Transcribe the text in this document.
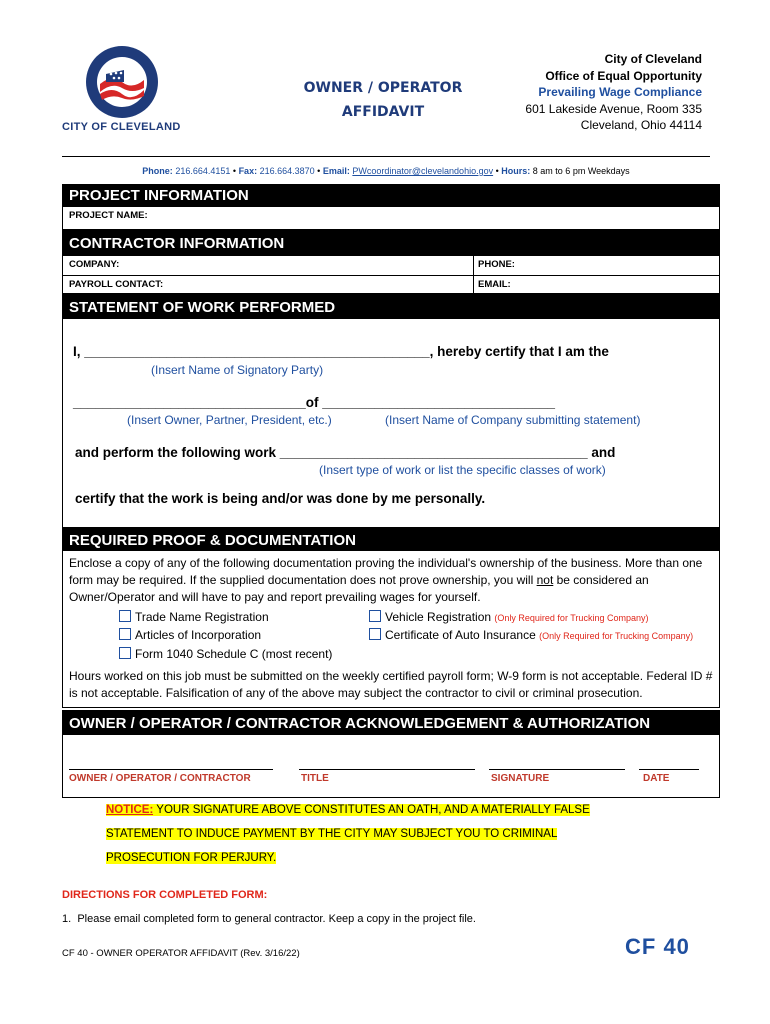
CITY OF CLEVELAND
OWNER / OPERATOR
AFFIDAVIT
City of Cleveland
Office of Equal Opportunity
Prevailing Wage Compliance
601 Lakeside Avenue, Room 335
Cleveland, Ohio 44114
Phone: 216.664.4151 • Fax: 216.664.3870 • Email: PWcoordinator@clevelandohio.gov • Hours: 8 am to 6 pm Weekdays
PROJECT INFORMATION
PROJECT NAME:
CONTRACTOR INFORMATION
COMPANY:	PHONE:
PAYROLL CONTACT:	EMAIL:
STATEMENT OF WORK PERFORMED
I, ______________________________________________, hereby certify that I am the
(Insert Name of Signatory Party)
_______________________________of _______________________________
(Insert Owner, Partner, President, etc.)	(Insert Name of Company submitting statement)
and perform the following work _________________________________________ and
(Insert type of work or list the specific classes of work)
certify that the work is being and/or was done by me personally.
REQUIRED PROOF & DOCUMENTATION
Enclose a copy of any of the following documentation proving the individual's ownership of the business. More than one form may be required. If the supplied documentation does not prove ownership, you will not be considered an Owner/Operator and will have to pay and report prevailing wages for yourself.
Trade Name Registration
Articles of Incorporation
Form 1040 Schedule C (most recent)
Vehicle Registration (Only Required for Trucking Company)
Certificate of Auto Insurance (Only Required for Trucking Company)
Hours worked on this job must be submitted on the weekly certified payroll form; W-9 form is not acceptable. Federal ID # is not acceptable. Falsification of any of the above may subject the contractor to civil or criminal prosecution.
OWNER / OPERATOR / CONTRACTOR ACKNOWLEDGEMENT & AUTHORIZATION
OWNER / OPERATOR / CONTRACTOR	TITLE	SIGNATURE	DATE
NOTICE: YOUR SIGNATURE ABOVE CONSTITUTES AN OATH, AND A MATERIALLY FALSE
STATEMENT TO INDUCE PAYMENT BY THE CITY MAY SUBJECT YOU TO CRIMINAL
PROSECUTION FOR PERJURY.
DIRECTIONS FOR COMPLETED FORM:
1. Please email completed form to general contractor. Keep a copy in the project file.
CF 40 - OWNER OPERATOR AFFIDAVIT (Rev. 3/16/22)	CF 40
